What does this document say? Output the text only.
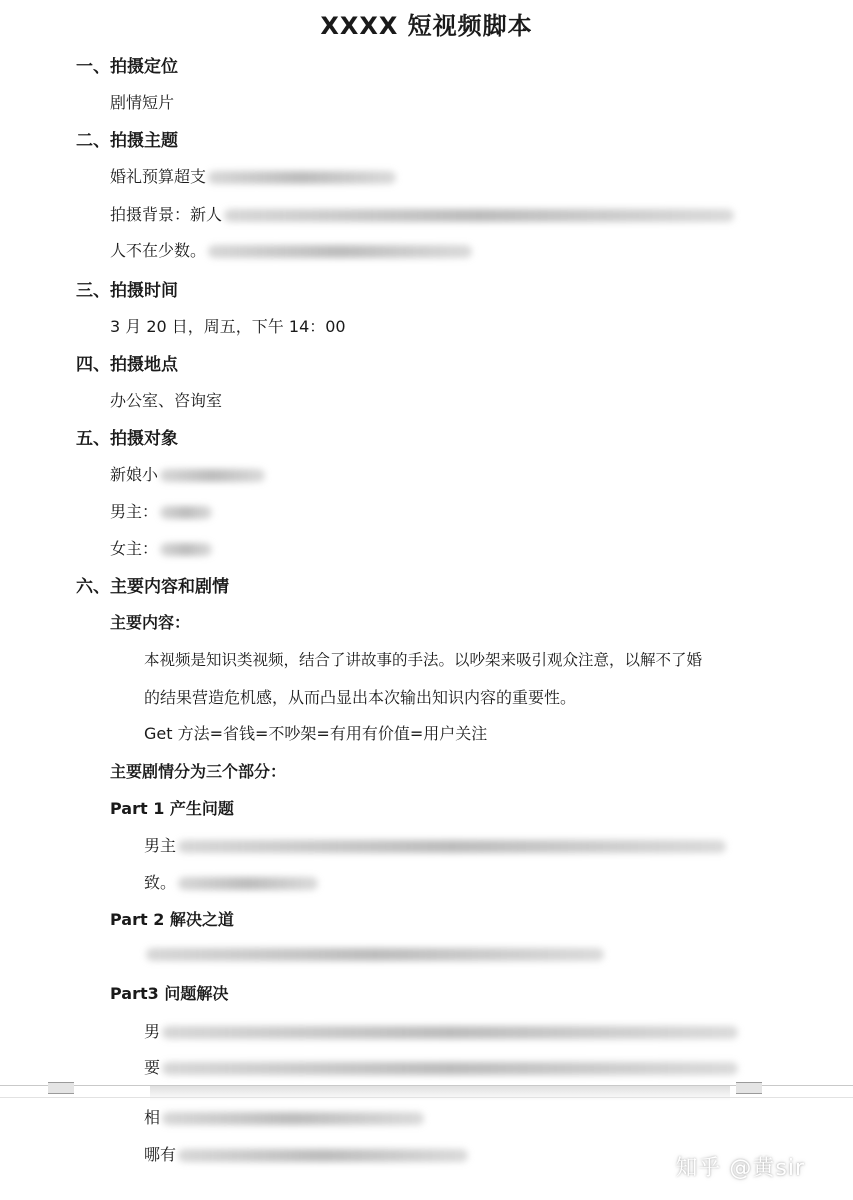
XXXX 短视频脚本
一、拍摄定位
剧情短片
二、拍摄主题
婚礼预算超支
拍摄背景：新人
人不在少数。
三、拍摄时间
3 月 20 日，周五，下午 14：00
四、拍摄地点
办公室、咨询室
五、拍摄对象
新娘小
男主：
女主：
六、主要内容和剧情
主要内容：
本视频是知识类视频，结合了讲故事的手法。以吵架来吸引观众注意，以解不了婚
的结果营造危机感，从而凸显出本次输出知识内容的重要性。
Get 方法=省钱=不吵架=有用有价值=用户关注
主要剧情分为三个部分：
Part 1 产生问题
男主
致。
Part 2 解决之道
Part3 问题解决
男
要
相
哪有
知乎 @黄sir
